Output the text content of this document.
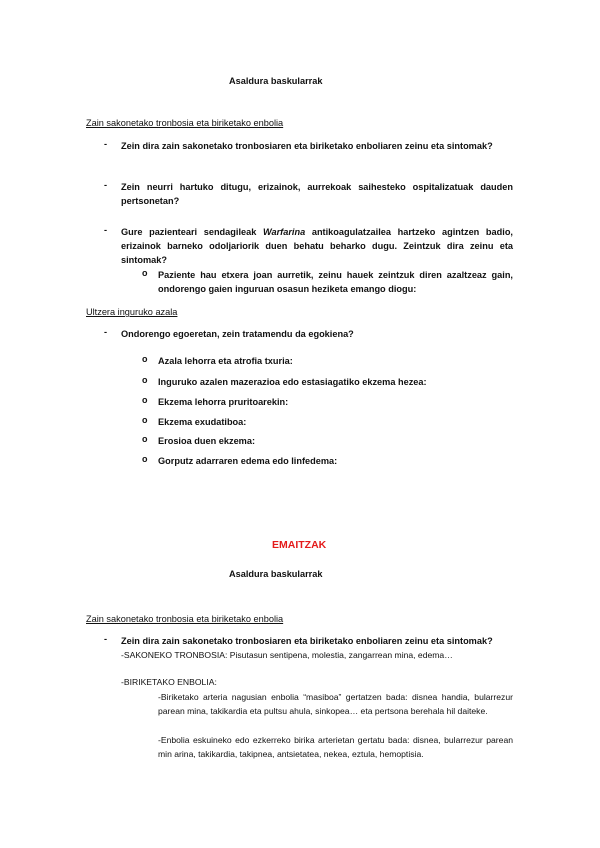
Asaldura baskularrak
Zain sakonetako tronbosia eta biriketako enbolia
- Zein dira zain sakonetako tronbosiaren eta biriketako enboliaren zeinu eta sintomak?
- Zein neurri hartuko ditugu, erizainok, aurrekoak saihesteko ospitalizatuak dauden pertsonetan?
- Gure pazienteari sendagileak Warfarina antikoagulatzailea hartzeko agintzen badio, erizainok barneko odoljariorik duen behatu beharko dugu. Zeintzuk dira zeinu eta sintomak?
o Paziente hau etxera joan aurretik, zeinu hauek zeintzuk diren azaltzeaz gain, ondorengo gaien inguruan osasun heziketa emango diogu:
Ultzera inguruko azala
- Ondorengo egoeretan, zein tratamendu da egokiena?
o Azala lehorra eta atrofia txuria:
o Inguruko azalen mazerazioa edo estasiagatiko ekzema hezea:
o Ekzema lehorra pruritoarekin:
o Ekzema exudatiboa:
o Erosioa duen ekzema:
o Gorputz adarraren edema edo linfedema:
EMAITZAK
Asaldura baskularrak
Zain sakonetako tronbosia eta biriketako enbolia
- Zein dira zain sakonetako tronbosiaren eta biriketako enboliaren zeinu eta sintomak?
-SAKONEKO TRONBOSIA: Pisutasun sentipena, molestia, zangarrean mina, edema…
-BIRIKETAKO ENBOLIA:
-Biriketako arteria nagusian enbolia “masiboa” gertatzen bada: disnea handia, bularrezur parean mina, takikardia eta pultsu ahula, sinkopea… eta pertsona berehala hil daiteke.
-Enbolia eskuineko edo ezkerreko birika arterietan gertatu bada: disnea, bularrezur parean min arina, takikardia, takipnea, antsietatea, nekea, eztula, hemoptisia.
